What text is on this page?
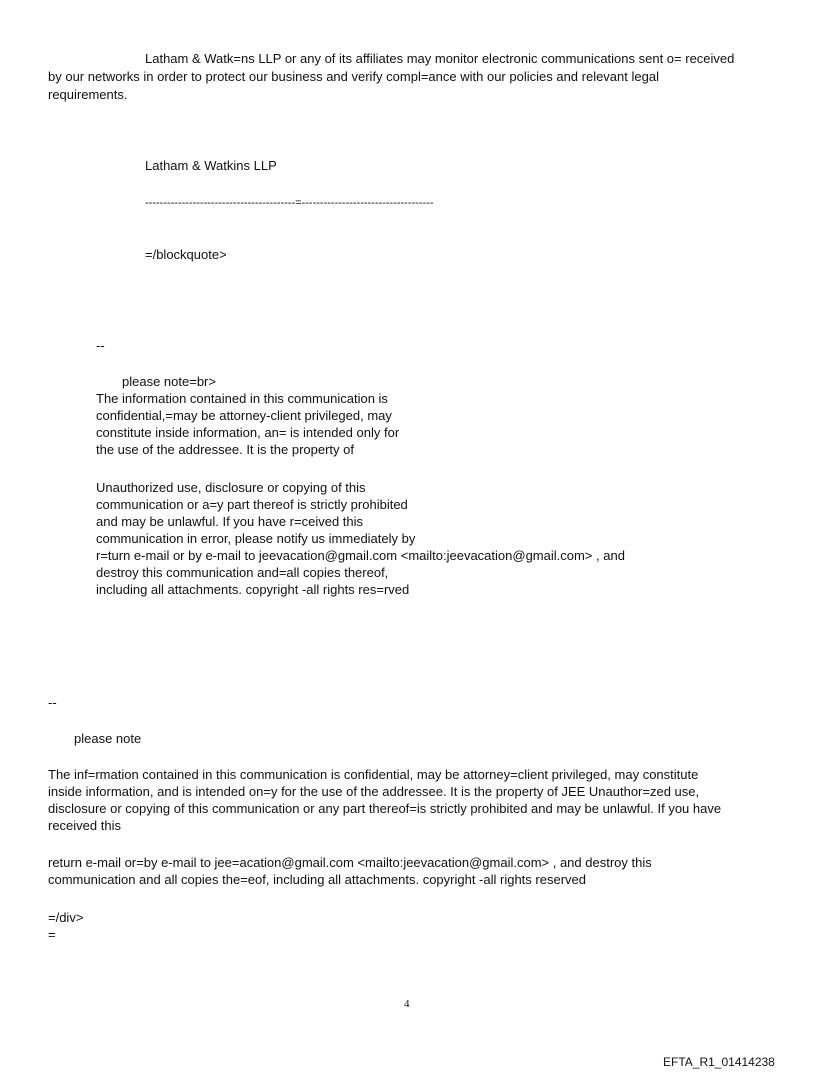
Latham & Watk=ns LLP or any of its affiliates may monitor electronic communications sent o= received

by our networks in order to protect our business and verify compl=ance with our policies and relevant legal

requirements.

Latham & Watkins LLP
-----------------------------------------=------------------------------------
=/blockquote>
--

please note=br>

The information contained in this communication is

confidential,=may be attorney-client privileged, may

constitute inside information, an= is intended only for

the use of the addressee. It is the property of

Unauthorized use, disclosure or copying of this

communication or a=y part thereof is strictly prohibited

and may be unlawful. If you have r=ceived this

communication in error, please notify us immediately by

r=turn e-mail or by e-mail to jeevacation@gmail.com <mailto:jeevacation@gmail.com> , and

destroy this communication and=all copies thereof,

including all attachments. copyright -all rights res=rved

--
please note

The inf=rmation contained in this communication is confidential, may be attorney=client privileged, may constitute

inside information, and is intended on=y for the use of the addressee. It is the property of JEE Unauthor=zed use,

disclosure or copying of this communication or any part thereof=is strictly prohibited and may be unlawful. If you have

received this

return e-mail or=by e-mail to jee=acation@gmail.com <mailto:jeevacation@gmail.com> , and destroy this

communication and all copies the=eof, including all attachments. copyright -all rights reserved

=/div>
=
4
EFTA_R1_01414238
